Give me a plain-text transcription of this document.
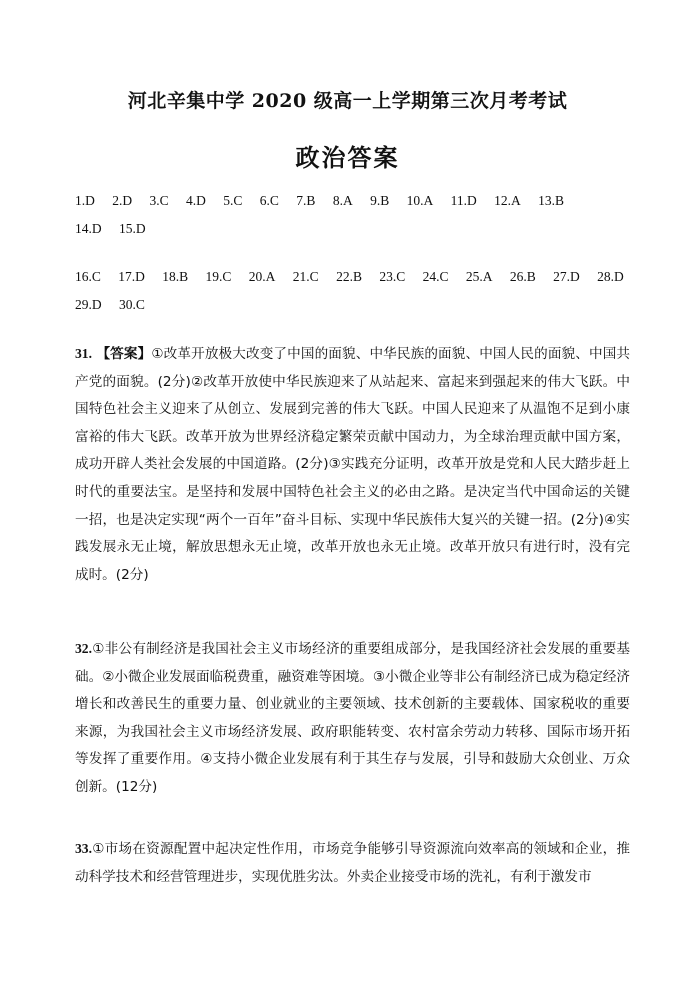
河北辛集中学 2020 级高一上学期第三次月考考试
政治答案
1.D 2.D 3.C 4.D 5.C 6.C 7.B 8.A 9.B 10.A 11.D 12.A 13.B
14.D 15.D
16.C 17.D 18.B 19.C 20.A 21.C 22.B 23.C 24.C 25.A 26.B 27.D 28.D
29.D 30.C
31. 【答案】①改革开放极大改变了中国的面貌、中华民族的面貌、中国人民的面貌、中国共产党的面貌。(2分)②改革开放使中华民族迎来了从站起来、富起来到强起来的伟大飞跃。中国特色社会主义迎来了从创立、发展到完善的伟大飞跃。中国人民迎来了从温饱不足到小康富裕的伟大飞跃。改革开放为世界经济稳定繁荣贡献中国动力，为全球治理贡献中国方案，成功开辟人类社会发展的中国道路。(2分)③实践充分证明，改革开放是党和人民大踏步赶上时代的重要法宝。是坚持和发展中国特色社会主义的必由之路。是决定当代中国命运的关键一招，也是决定实现“两个一百年”奋斗目标、实现中华民族伟大复兴的关键一招。(2分)④实践发展永无止境，解放思想永无止境，改革开放也永无止境。改革开放只有进行时，没有完成时。(2分)
32.①非公有制经济是我国社会主义市场经济的重要组成部分，是我国经济社会发展的重要基础。②小微企业发展面临税费重，融资难等困境。③小微企业等非公有制经济已成为稳定经济增长和改善民生的重要力量、创业就业的主要领域、技术创新的主要载体、国家税收的重要来源，为我国社会主义市场经济发展、政府职能转变、农村富余劳动力转移、国际市场开拓等发挥了重要作用。④支持小微企业发展有利于其生存与发展，引导和鼓励大众创业、万众创新。(12分)
33.①市场在资源配置中起决定性作用，市场竞争能够引导资源流向效率高的领域和企业，推动科学技术和经营管理进步，实现优胜劣汰。外卖企业接受市场的洗礼，有利于激发市
